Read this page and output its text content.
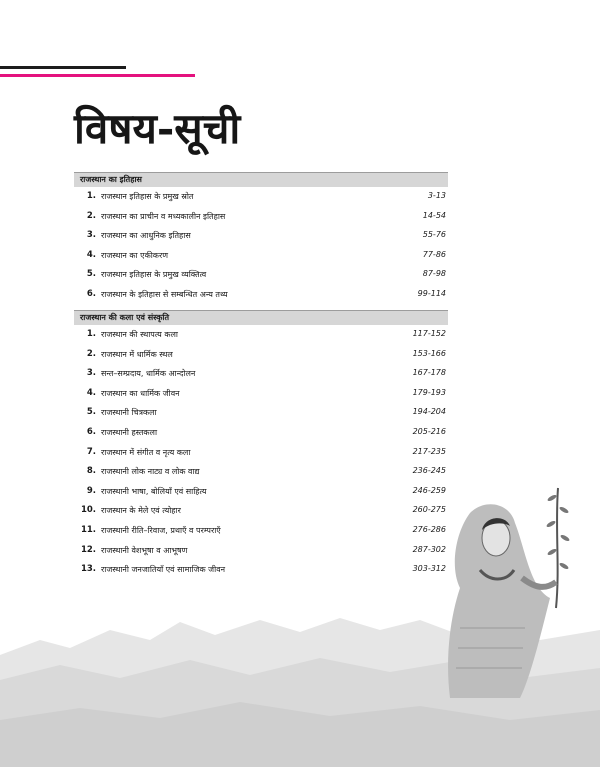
विषय-सूची
राजस्थान का इतिहास
1. राजस्थान इतिहास के प्रमुख स्रोत	3-13
2. राजस्थान का प्राचीन व मध्यकालीन इतिहास	14-54
3. राजस्थान का आधुनिक इतिहास	55-76
4. राजस्थान का एकीकरण	77-86
5. राजस्थान इतिहास के प्रमुख व्यक्तित्व	87-98
6. राजस्थान के इतिहास से सम्बन्धित अन्य तथ्य	99-114
राजस्थान की कला एवं संस्कृति
1. राजस्थान की स्थापत्य कला	117-152
2. राजस्थान में धार्मिक स्थल	153-166
3. सन्त–सम्प्रदाय, धार्मिक आन्दोलन	167-178
4. राजस्थान का धार्मिक जीवन	179-193
5. राजस्थानी चित्रकला	194-204
6. राजस्थानी हस्तकला	205-216
7. राजस्थान में संगीत व नृत्य कला	217-235
8. राजस्थानी लोक नाट्य व लोक वाद्य	236-245
9. राजस्थानी भाषा, बोलियाँ एवं साहित्य	246-259
10. राजस्थान के मेले एवं त्योहार	260-275
11. राजस्थानी रीति–रिवाज, प्रथाएँ व परम्पराएँ	276-286
12. राजस्थानी वेशभूषा व आभूषण	287-302
13. राजस्थानी जनजातियाँ एवं सामाजिक जीवन	303-312
